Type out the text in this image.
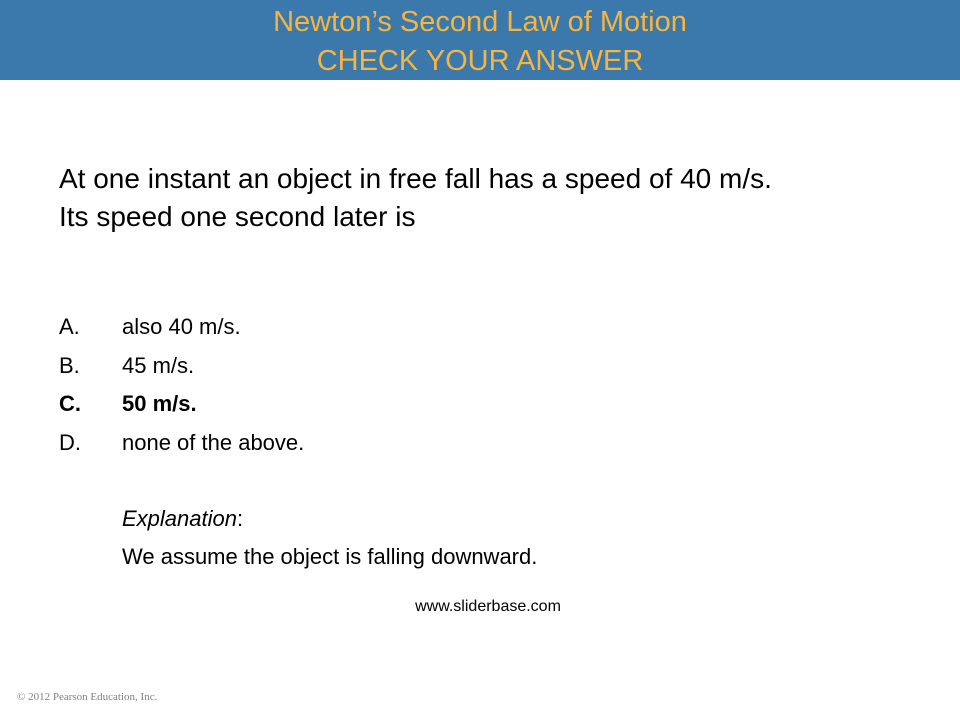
Newton’s Second Law of Motion
CHECK YOUR ANSWER
At one instant an object in free fall has a speed of 40 m/s.
Its speed one second later is
A. also 40 m/s.
B. 45 m/s.
C. 50 m/s.
D. none of the above.
Explanation:
We assume the object is falling downward.
www.sliderbase.com
© 2012 Pearson Education, Inc.
